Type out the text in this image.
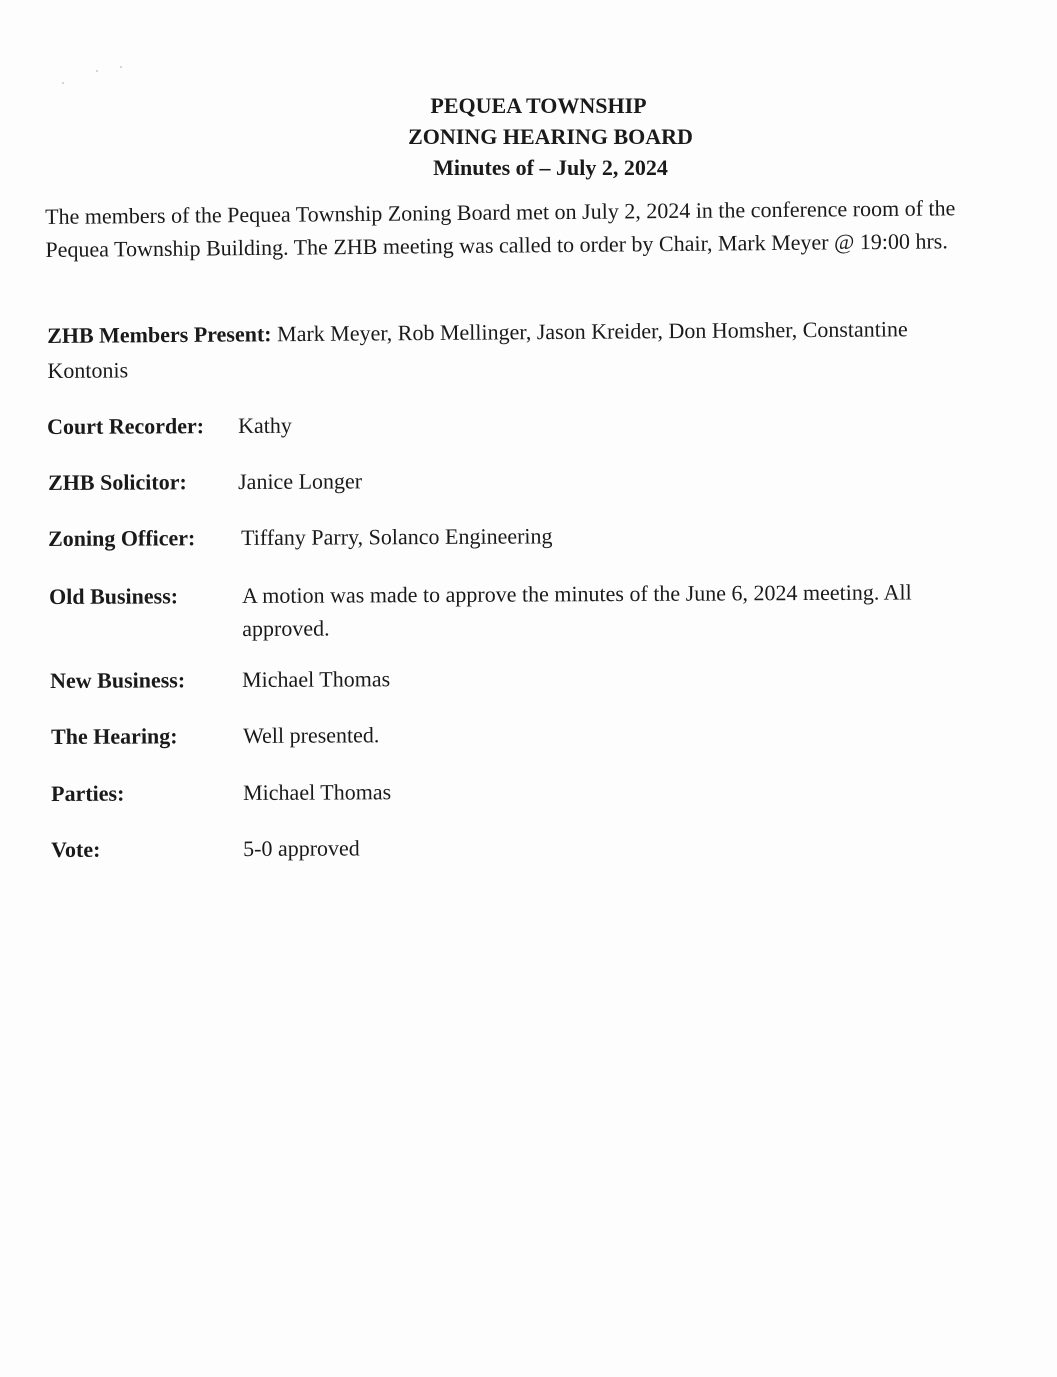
PEQUEA TOWNSHIP
ZONING HEARING BOARD
Minutes of – July 2, 2024
The members of the Pequea Township Zoning Board met on July 2, 2024 in the conference room of the Pequea Township Building. The ZHB meeting was called to order by Chair, Mark Meyer @ 19:00 hrs.
ZHB Members Present: Mark Meyer, Rob Mellinger, Jason Kreider, Don Homsher, Constantine Kontonis
Court Recorder: Kathy
ZHB Solicitor: Janice Longer
Zoning Officer: Tiffany Parry, Solanco Engineering
Old Business:	A motion was made to approve the minutes of the June 6, 2024 meeting. All approved.
New Business:	Michael Thomas
The Hearing:	Well presented.
Parties:	Michael Thomas
Vote:	5-0 approved
